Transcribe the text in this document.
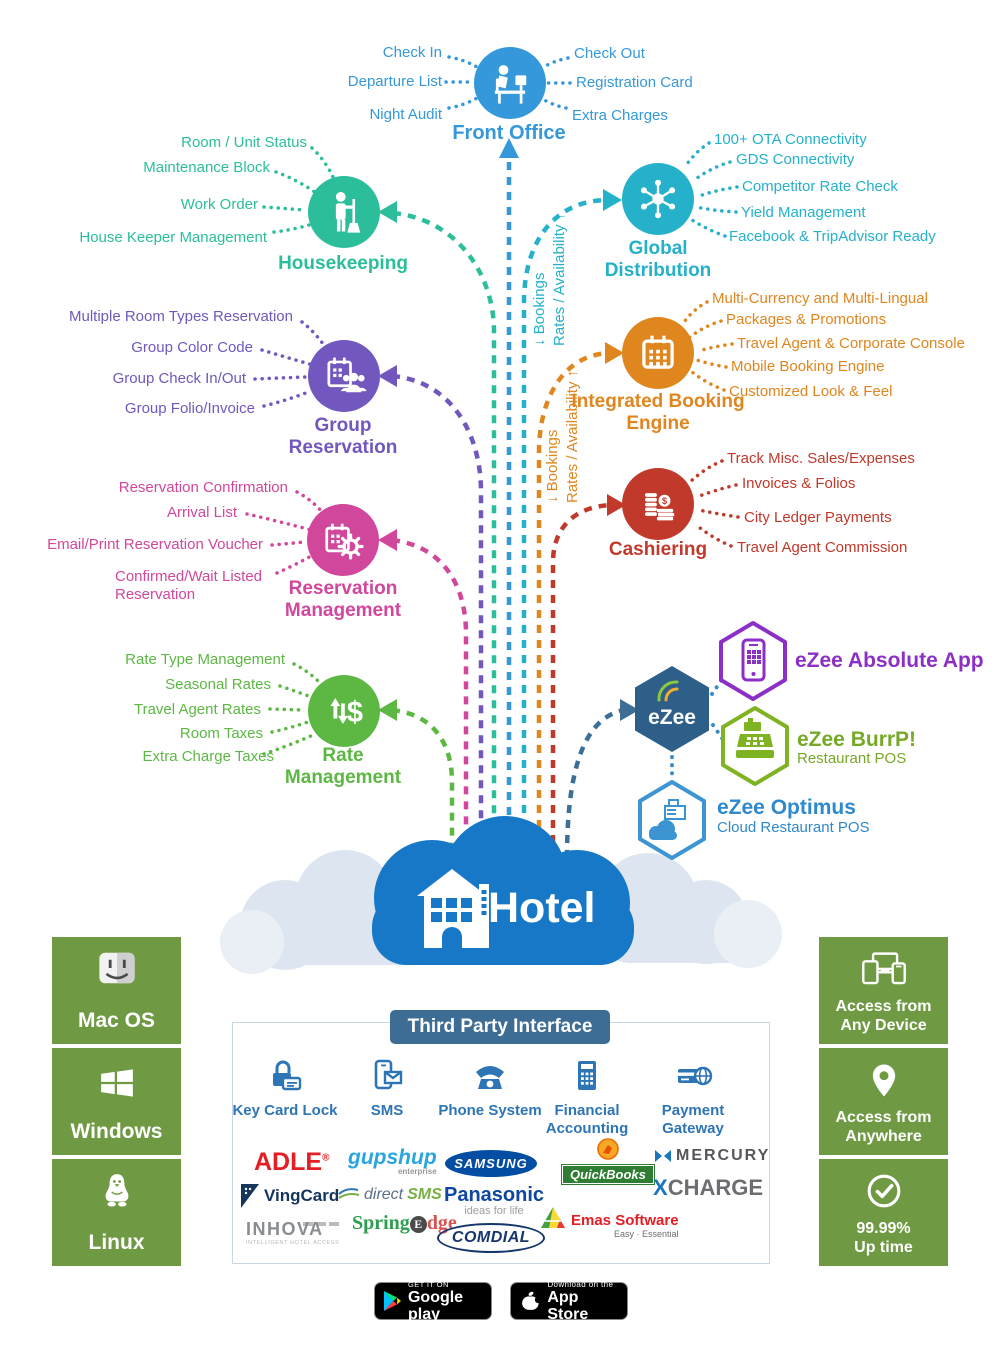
$
$
Front Office
Housekeeping
Global Distribution
Group Reservation
Integrated Booking Engine
Reservation Management
Cashiering
Rate Management
Check In
Departure List
Night Audit
Check Out
Registration Card
Extra Charges
Room / Unit Status
Maintenance Block
Work Order
House Keeper Management
100+ OTA Connectivity
GDS Connectivity
Competitor Rate Check
Yield Management
Facebook & TripAdvisor Ready
Multiple Room Types Reservation
Group Color Code
Group Check In/Out
Group Folio/Invoice
Multi-Currency and Multi-Lingual
Packages & Promotions
Travel Agent & Corporate Console
Mobile Booking Engine
Customized Look & Feel
Reservation Confirmation
Arrival List
Email/Print Reservation Voucher
Confirmed/Wait Listed Reservation
Track Misc. Sales/Expenses
Invoices & Folios
City Ledger Payments
Travel Agent Commission
Rate Type Management
Seasonal Rates
Travel Agent Rates
Room Taxes
Extra Charge Taxes
↓ Bookings Rates / Availability ↑
↓ Bookings Rates / Availability ↑
eZee
eZee Absolute App
eZee BurrP!
Restaurant POS
eZee Optimus
Cloud Restaurant POS
Hotel
Mac OS
Windows
Linux
Access from
Any Device
Access from
Anywhere
99.99%
Up time
Third Party Interface
Key Card Lock	SMS	Phone System Financial Accounting
Payment Gateway
ADLE® gupshup
enterprise
SAMSUNG
QuickBooks
MERCURY
VingCard direct SMS Panasonic
ideas for life
XCHARGE
INHOVA
INTELLIGENT HOTEL ACCESS
Spring E dge
COMDIAL
Emas Software
Easy · Essential
GET IT ON
Google play
Download on the
App Store
